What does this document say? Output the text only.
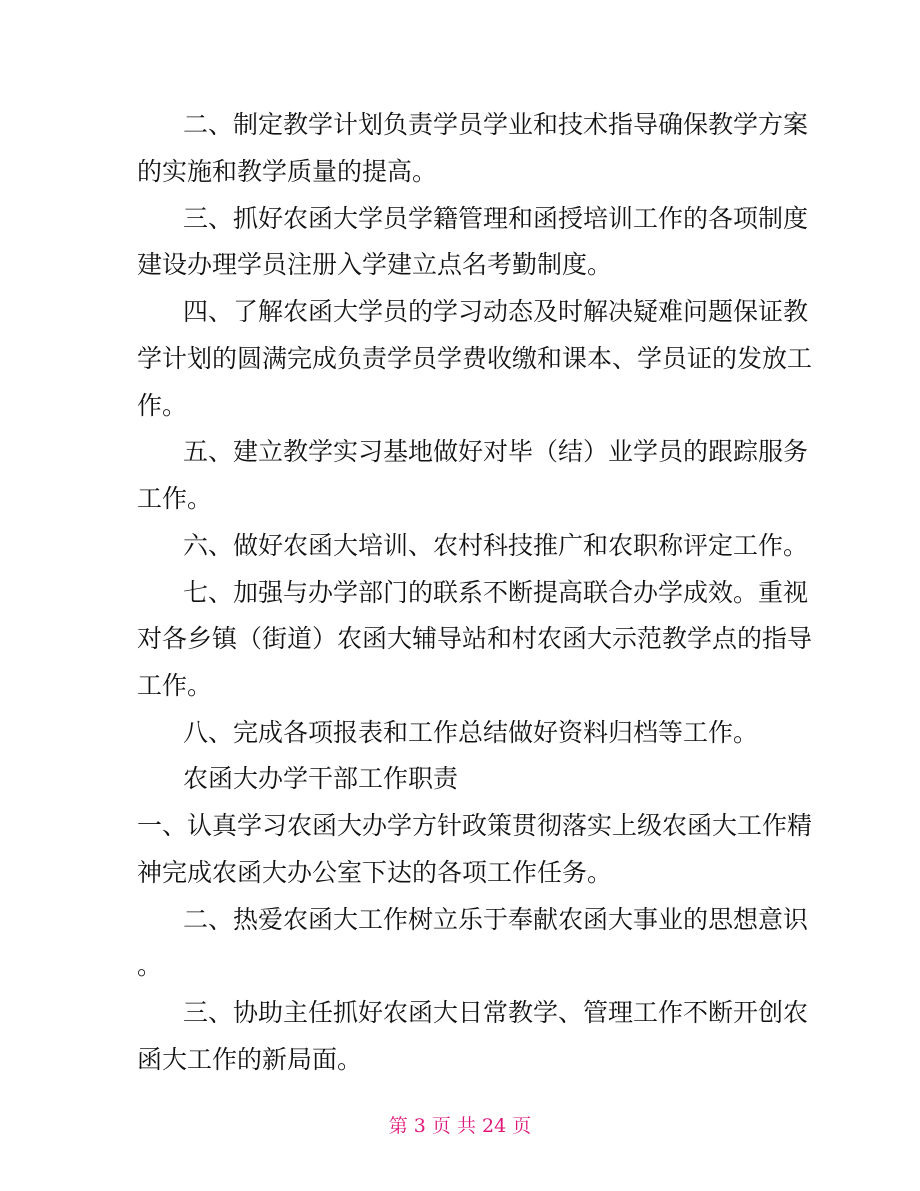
二、制定教学计划负责学员学业和技术指导确保教学方案
的实施和教学质量的提高。
三、抓好农函大学员学籍管理和函授培训工作的各项制度
建设办理学员注册入学建立点名考勤制度。
四、了解农函大学员的学习动态及时解决疑难问题保证教
学计划的圆满完成负责学员学费收缴和课本、学员证的发放工
作。
五、建立教学实习基地做好对毕（结）业学员的跟踪服务
工作。
六、做好农函大培训、农村科技推广和农职称评定工作。
七、加强与办学部门的联系不断提高联合办学成效。重视
对各乡镇（街道）农函大辅导站和村农函大示范教学点的指导
工作。
八、完成各项报表和工作总结做好资料归档等工作。
农函大办学干部工作职责
一、认真学习农函大办学方针政策贯彻落实上级农函大工作精
神完成农函大办公室下达的各项工作任务。
二、热爱农函大工作树立乐于奉献农函大事业的思想意识
。
三、协助主任抓好农函大日常教学、管理工作不断开创农
函大工作的新局面。
第 3 页 共 24 页
